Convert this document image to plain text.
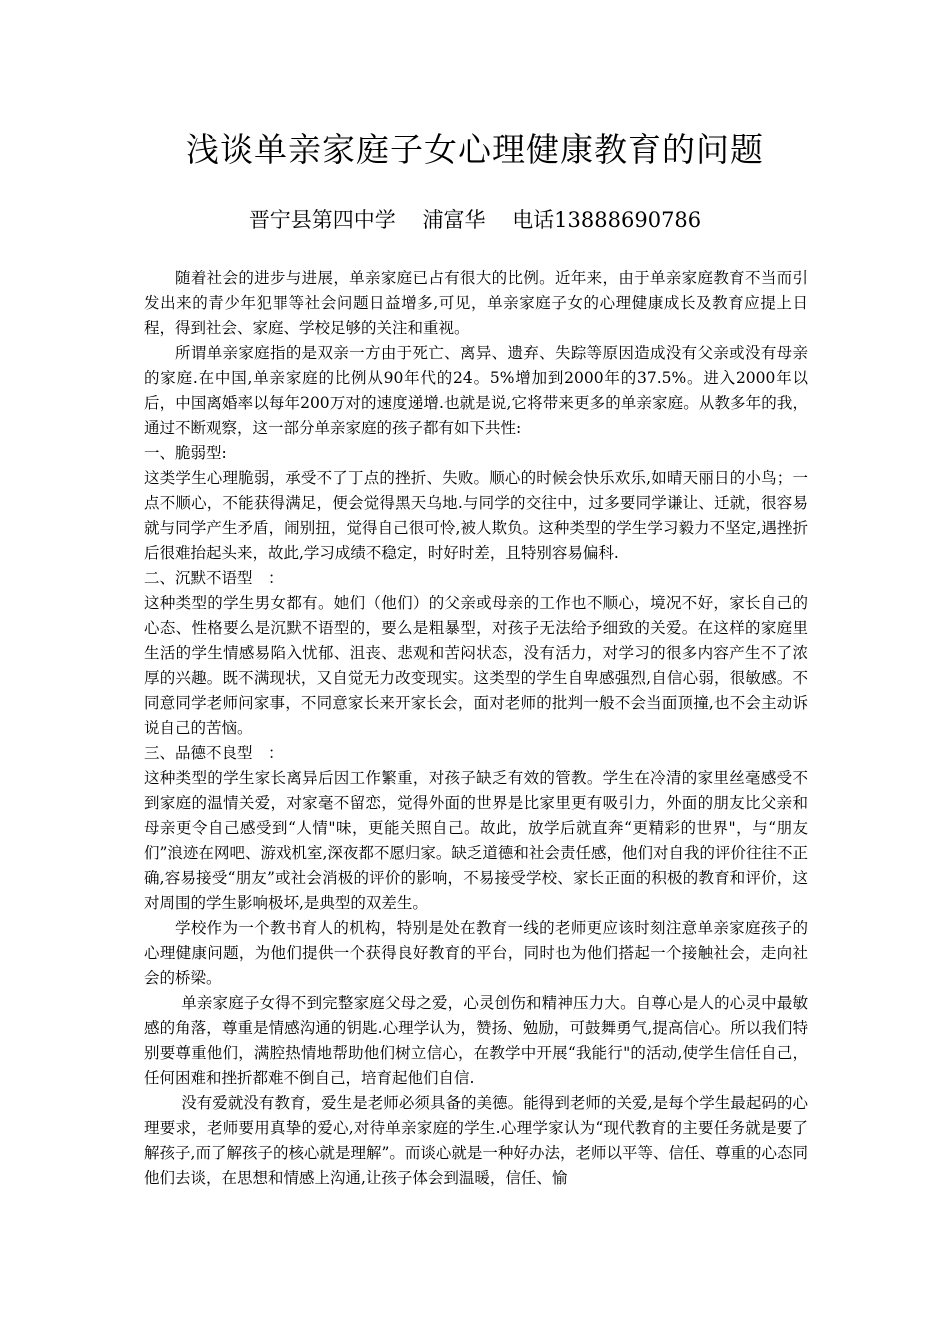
浅谈单亲家庭子女心理健康教育的问题
晋宁县第四中学 浦富华 电话13888690786

随着社会的进步与进展，单亲家庭已占有很大的比例。近年来，由于单亲家庭教育不当而引发出来的青少年犯罪等社会问题日益增多,可见，单亲家庭子女的心理健康成长及教育应提上日程，得到社会、家庭、学校足够的关注和重视。

所谓单亲家庭指的是双亲一方由于死亡、离异、遗弃、失踪等原因造成没有父亲或没有母亲的家庭.在中国,单亲家庭的比例从90年代的24。5%增加到2000年的37.5%。进入2000年以后，中国离婚率以每年200万对的速度递增.也就是说,它将带来更多的单亲家庭。从教多年的我，通过不断观察，这一部分单亲家庭的孩子都有如下共性:

一、脆弱型:

这类学生心理脆弱，承受不了丁点的挫折、失败。顺心的时候会快乐欢乐,如晴天丽日的小鸟；一点不顺心，不能获得满足，便会觉得黑天乌地.与同学的交往中，过多要同学谦让、迁就，很容易就与同学产生矛盾，闹别扭，觉得自己很可怜,被人欺负。这种类型的学生学习毅力不坚定,遇挫折后很难抬起头来，故此,学习成绩不稳定，时好时差，且特别容易偏科.

二、沉默不语型　：

这种类型的学生男女都有。她们（他们）的父亲或母亲的工作也不顺心，境况不好，家长自己的心态、性格要么是沉默不语型的，要么是粗暴型，对孩子无法给予细致的关爱。在这样的家庭里生活的学生情感易陷入忧郁、沮丧、悲观和苦闷状态，没有活力，对学习的很多内容产生不了浓厚的兴趣。既不满现状，又自觉无力改变现实。这类型的学生自卑感强烈,自信心弱，很敏感。不同意同学老师问家事，不同意家长来开家长会，面对老师的批判一般不会当面顶撞,也不会主动诉说自己的苦恼。

三、品德不良型　：

这种类型的学生家长离异后因工作繁重，对孩子缺乏有效的管教。学生在冷清的家里丝毫感受不到家庭的温情关爱，对家毫不留恋，觉得外面的世界是比家里更有吸引力，外面的朋友比父亲和母亲更令自己感受到“人情"味，更能关照自己。故此，放学后就直奔“更精彩的世界"，与“朋友们”浪迹在网吧、游戏机室,深夜都不愿归家。缺乏道德和社会责任感，他们对自我的评价往往不正确,容易接受“朋友”或社会消极的评价的影响，不易接受学校、家长正面的积极的教育和评价，这对周围的学生影响极坏,是典型的双差生。

学校作为一个教书育人的机构，特别是处在教育一线的老师更应该时刻注意单亲家庭孩子的心理健康问题，为他们提供一个获得良好教育的平台，同时也为他们搭起一个接触社会，走向社会的桥梁。

单亲家庭子女得不到完整家庭父母之爱，心灵创伤和精神压力大。自尊心是人的心灵中最敏感的角落，尊重是情感沟通的钥匙.心理学认为，赞扬、勉励，可鼓舞勇气,提高信心。所以我们特别要尊重他们，满腔热情地帮助他们树立信心，在教学中开展“我能行"的活动,使学生信任自己，任何困难和挫折都难不倒自己，培育起他们自信.

没有爱就没有教育，爱生是老师必须具备的美德。能得到老师的关爱,是每个学生最起码的心理要求，老师要用真挚的爱心,对待单亲家庭的学生.心理学家认为“现代教育的主要任务就是要了解孩子,而了解孩子的核心就是理解”。而谈心就是一种好办法，老师以平等、信任、尊重的心态同他们去谈，在思想和情感上沟通,让孩子体会到温暖，信任、愉
